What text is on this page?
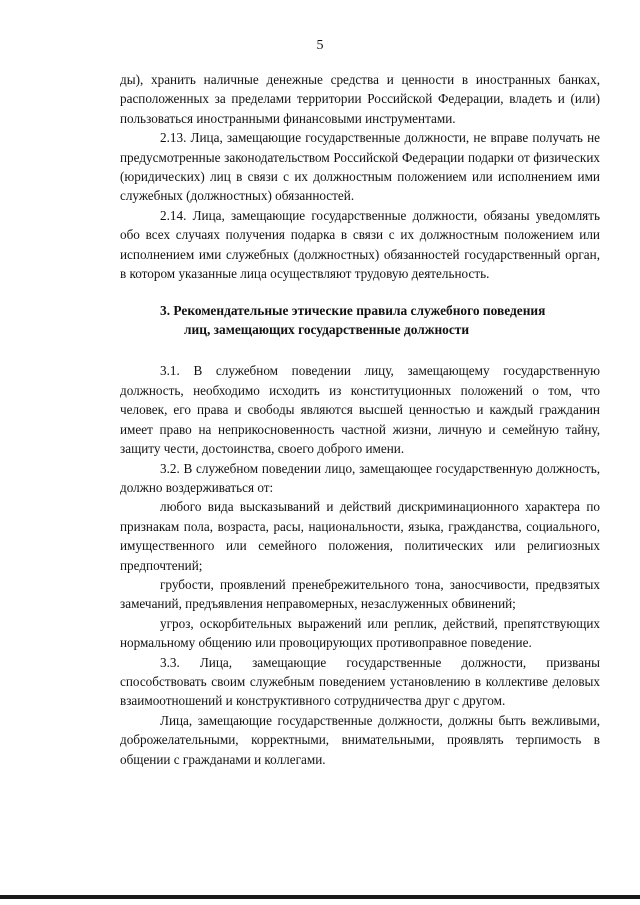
5

ды), хранить наличные денежные средства и ценности в иностранных банках, расположенных за пределами территории Российской Федерации, владеть и (или) пользоваться иностранными финансовыми инструментами.

2.13. Лица, замещающие государственные должности, не вправе получать не предусмотренные законодательством Российской Федерации подарки от физических (юридических) лиц в связи с их должностным положением или исполнением ими служебных (должностных) обязанностей.

2.14. Лица, замещающие государственные должности, обязаны уведомлять обо всех случаях получения подарка в связи с их должностным положением или исполнением ими служебных (должностных) обязанностей государственный орган, в котором указанные лица осуществляют трудовую деятельность.

3. Рекомендательные этические правила служебного поведения
лиц, замещающих государственные должности

3.1. В служебном поведении лицу, замещающему государственную должность, необходимо исходить из конституционных положений о том, что человек, его права и свободы являются высшей ценностью и каждый гражданин имеет право на неприкосновенность частной жизни, личную и семейную тайну, защиту чести, достоинства, своего доброго имени.

3.2. В служебном поведении лицо, замещающее государственную должность, должно воздерживаться от:

любого вида высказываний и действий дискриминационного характера по признакам пола, возраста, расы, национальности, языка, гражданства, социального, имущественного или семейного положения, политических или религиозных предпочтений;

грубости, проявлений пренебрежительного тона, заносчивости, предвзятых замечаний, предъявления неправомерных, незаслуженных обвинений;

угроз, оскорбительных выражений или реплик, действий, препятствующих нормальному общению или провоцирующих противоправное поведение.

3.3. Лица, замещающие государственные должности, призваны способствовать своим служебным поведением установлению в коллективе деловых взаимоотношений и конструктивного сотрудничества друг с другом.

Лица, замещающие государственные должности, должны быть вежливыми, доброжелательными, корректными, внимательными, проявлять терпимость в общении с гражданами и коллегами.
